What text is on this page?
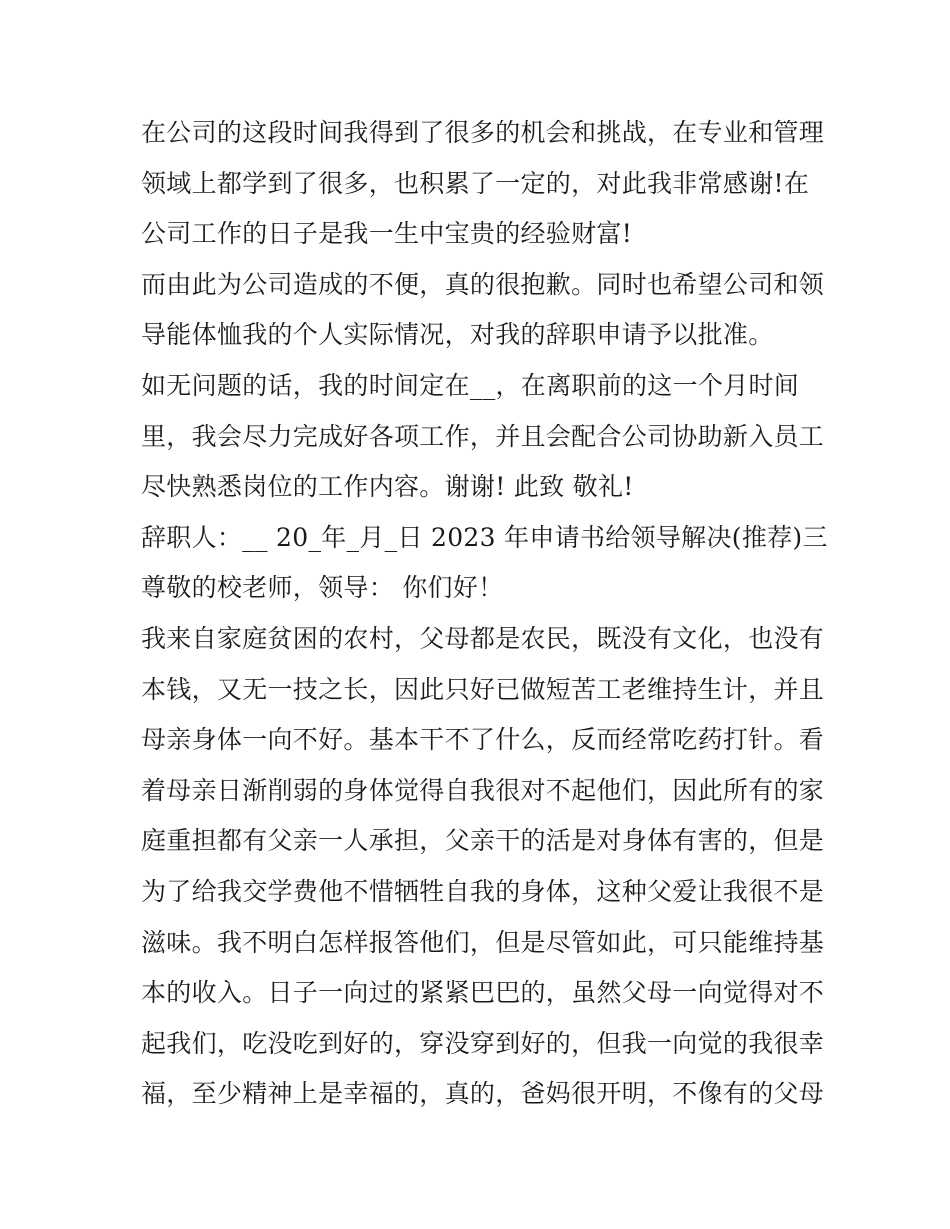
在公司的这段时间我得到了很多的机会和挑战，在专业和管理
领域上都学到了很多，也积累了一定的，对此我非常感谢!在
公司工作的日子是我一生中宝贵的经验财富!
而由此为公司造成的不便，真的很抱歉。同时也希望公司和领
导能体恤我的个人实际情况，对我的辞职申请予以批准。
如无问题的话，我的时间定在__，在离职前的这一个月时间
里，我会尽力完成好各项工作，并且会配合公司协助新入员工
尽快熟悉岗位的工作内容。谢谢! 此致 敬礼!
辞职人：__ 20_年_月_日 2023 年申请书给领导解决(推荐)三
尊敬的校老师，领导： 你们好！
我来自家庭贫困的农村，父母都是农民，既没有文化，也没有
本钱，又无一技之长，因此只好已做短苦工老维持生计，并且
母亲身体一向不好。基本干不了什么，反而经常吃药打针。看
着母亲日渐削弱的身体觉得自我很对不起他们，因此所有的家
庭重担都有父亲一人承担，父亲干的活是对身体有害的，但是
为了给我交学费他不惜牺牲自我的身体，这种父爱让我很不是
滋味。我不明白怎样报答他们，但是尽管如此，可只能维持基
本的收入。日子一向过的紧紧巴巴的，虽然父母一向觉得对不
起我们，吃没吃到好的，穿没穿到好的，但我一向觉的我很幸
福，至少精神上是幸福的，真的，爸妈很开明，不像有的父母
